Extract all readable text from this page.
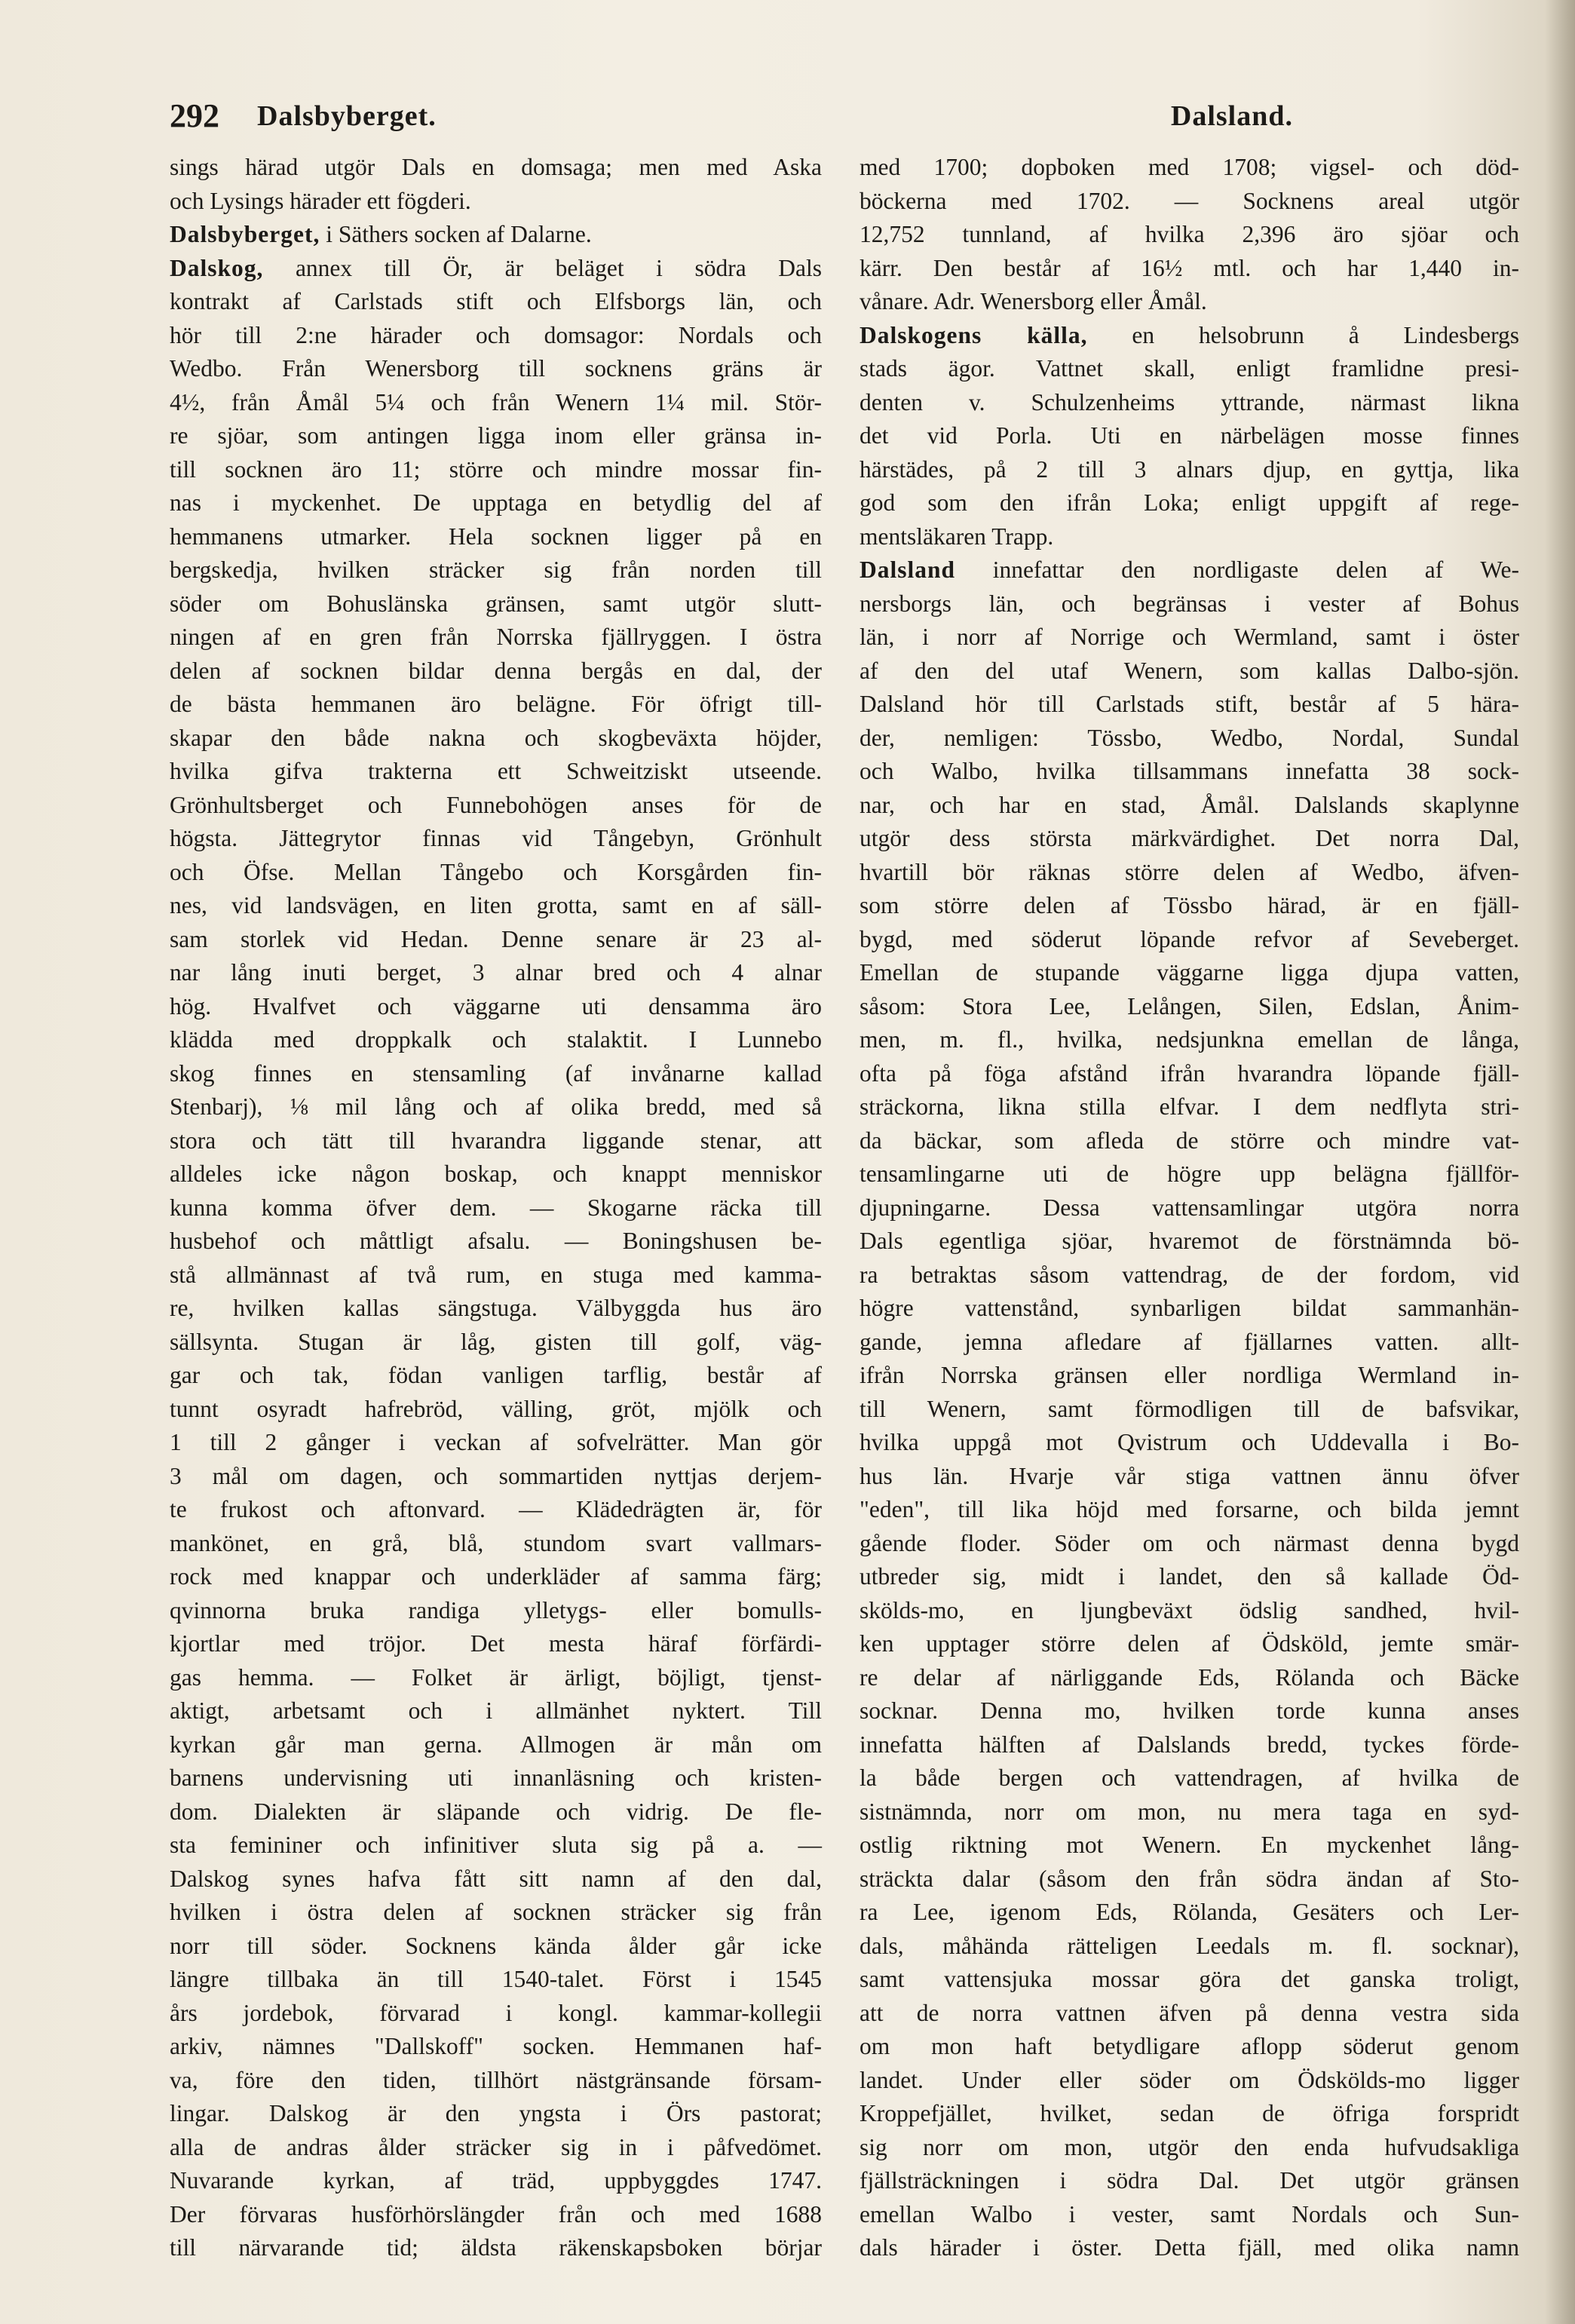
292 Dalsbyberget.	Dalsland.
sings härad utgör Dals en domsaga; men med Aska
och Lysings härader ett fögderi.
Dalsbyberget, i Säthers socken af Dalarne.
Dalskog, annex till Ör, är beläget i södra Dals
kontrakt af Carlstads stift och Elfsborgs län, och
hör till 2:ne härader och domsagor: Nordals och
Wedbo. Från Wenersborg till socknens gräns är
4½, från Åmål 5¼ och från Wenern 1¼ mil. Stör-
re sjöar, som antingen ligga inom eller gränsa in-
till socknen äro 11; större och mindre mossar fin-
nas i myckenhet. De upptaga en betydlig del af
hemmanens utmarker. Hela socknen ligger på en
bergskedja, hvilken sträcker sig från norden till
söder om Bohuslänska gränsen, samt utgör slutt-
ningen af en gren från Norrska fjällryggen. I östra
delen af socknen bildar denna bergås en dal, der
de bästa hemmanen äro belägne. För öfrigt till-
skapar den både nakna och skogbeväxta höjder,
hvilka gifva trakterna ett Schweitziskt utseende.
Grönhultsberget och Funnebohögen anses för de
högsta. Jättegrytor finnas vid Tångebyn, Grönhult
och Öfse. Mellan Tångebo och Korsgården fin-
nes, vid landsvägen, en liten grotta, samt en af säll-
sam storlek vid Hedan. Denne senare är 23 al-
nar lång inuti berget, 3 alnar bred och 4 alnar
hög. Hvalfvet och väggarne uti densamma äro
klädda med droppkalk och stalaktit. I Lunnebo
skog finnes en stensamling (af invånarne kallad
Stenbarj), ⅛ mil lång och af olika bredd, med så
stora och tätt till hvarandra liggande stenar, att
alldeles icke någon boskap, och knappt menniskor
kunna komma öfver dem. — Skogarne räcka till
husbehof och måttligt afsalu. — Boningshusen be-
stå allmännast af två rum, en stuga med kamma-
re, hvilken kallas sängstuga. Välbyggda hus äro
sällsynta. Stugan är låg, gisten till golf, väg-
gar och tak, födan vanligen tarflig, består af
tunnt osyradt hafrebröd, välling, gröt, mjölk och
1 till 2 gånger i veckan af sofvelrätter. Man gör
3 mål om dagen, och sommartiden nyttjas derjem-
te frukost och aftonvard. — Klädedrägten är, för
mankönet, en grå, blå, stundom svart vallmars-
rock med knappar och underkläder af samma färg;
qvinnorna bruka randiga ylletygs- eller bomulls-
kjortlar med tröjor. Det mesta häraf förfärdi-
gas hemma. — Folket är ärligt, böjligt, tjenst-
aktigt, arbetsamt och i allmänhet nyktert. Till
kyrkan går man gerna. Allmogen är mån om
barnens undervisning uti innanläsning och kristen-
dom. Dialekten är släpande och vidrig. De fle-
sta femininer och infinitiver sluta sig på a. —
Dalskog synes hafva fått sitt namn af den dal,
hvilken i östra delen af socknen sträcker sig från
norr till söder. Socknens kända ålder går icke
längre tillbaka än till 1540-talet. Först i 1545
års jordebok, förvarad i kongl. kammar-kollegii
arkiv, nämnes "Dallskoff" socken. Hemmanen haf-
va, före den tiden, tillhört nästgränsande försam-
lingar. Dalskog är den yngsta i Örs pastorat;
alla de andras ålder sträcker sig in i påfvedömet.
Nuvarande kyrkan, af träd, uppbyggdes 1747.
Der förvaras husförhörslängder från och med 1688
till närvarande tid; äldsta räkenskapsboken börjar
med 1700; dopboken med 1708; vigsel- och död-
böckerna med 1702. — Socknens areal utgör
12,752 tunnland, af hvilka 2,396 äro sjöar och
kärr. Den består af 16½ mtl. och har 1,440 in-
vånare. Adr. Wenersborg eller Åmål.
Dalskogens källa, en helsobrunn å Lindesbergs
stads ägor. Vattnet skall, enligt framlidne presi-
denten v. Schulzenheims yttrande, närmast likna
det vid Porla. Uti en närbelägen mosse finnes
härstädes, på 2 till 3 alnars djup, en gyttja, lika
god som den ifrån Loka; enligt uppgift af rege-
mentsläkaren Trapp.
Dalsland innefattar den nordligaste delen af We-
nersborgs län, och begränsas i vester af Bohus
län, i norr af Norrige och Wermland, samt i öster
af den del utaf Wenern, som kallas Dalbo-sjön.
Dalsland hör till Carlstads stift, består af 5 hära-
der, nemligen: Tössbo, Wedbo, Nordal, Sundal
och Walbo, hvilka tillsammans innefatta 38 sock-
nar, och har en stad, Åmål. Dalslands skaplynne
utgör dess största märkvärdighet. Det norra Dal,
hvartill bör räknas större delen af Wedbo, äfven-
som större delen af Tössbo härad, är en fjäll-
bygd, med söderut löpande refvor af Seveberget.
Emellan de stupande väggarne ligga djupa vatten,
såsom: Stora Lee, Lelången, Silen, Edslan, Ånim-
men, m. fl., hvilka, nedsjunkna emellan de långa,
ofta på föga afstånd ifrån hvarandra löpande fjäll-
sträckorna, likna stilla elfvar. I dem nedflyta stri-
da bäckar, som afleda de större och mindre vat-
tensamlingarne uti de högre upp belägna fjällför-
djupningarne. Dessa vattensamlingar utgöra norra
Dals egentliga sjöar, hvaremot de förstnämnda bö-
ra betraktas såsom vattendrag, de der fordom, vid
högre vattenstånd, synbarligen bildat sammanhän-
gande, jemna afledare af fjällarnes vatten. allt-
ifrån Norrska gränsen eller nordliga Wermland in-
till Wenern, samt förmodligen till de bafsvikar,
hvilka uppgå mot Qvistrum och Uddevalla i Bo-
hus län. Hvarje vår stiga vattnen ännu öfver
"eden", till lika höjd med forsarne, och bilda jemnt
gående floder. Söder om och närmast denna bygd
utbreder sig, midt i landet, den så kallade Öd-
skölds-mo, en ljungbeväxt ödslig sandhed, hvil-
ken upptager större delen af Ödsköld, jemte smär-
re delar af närliggande Eds, Rölanda och Bäcke
socknar. Denna mo, hvilken torde kunna anses
innefatta hälften af Dalslands bredd, tyckes förde-
la både bergen och vattendragen, af hvilka de
sistnämnda, norr om mon, nu mera taga en syd-
ostlig riktning mot Wenern. En myckenhet lång-
sträckta dalar (såsom den från södra ändan af Sto-
ra Lee, igenom Eds, Rölanda, Gesäters och Ler-
dals, måhända rätteligen Leedals m. fl. socknar),
samt vattensjuka mossar göra det ganska troligt,
att de norra vattnen äfven på denna vestra sida
om mon haft betydligare aflopp söderut genom
landet. Under eller söder om Ödskölds-mo ligger
Kroppefjället, hvilket, sedan de öfriga forspridt
sig norr om mon, utgör den enda hufvudsakliga
fjällsträckningen i södra Dal. Det utgör gränsen
emellan Walbo i vester, samt Nordals och Sun-
dals härader i öster. Detta fjäll, med olika namn
